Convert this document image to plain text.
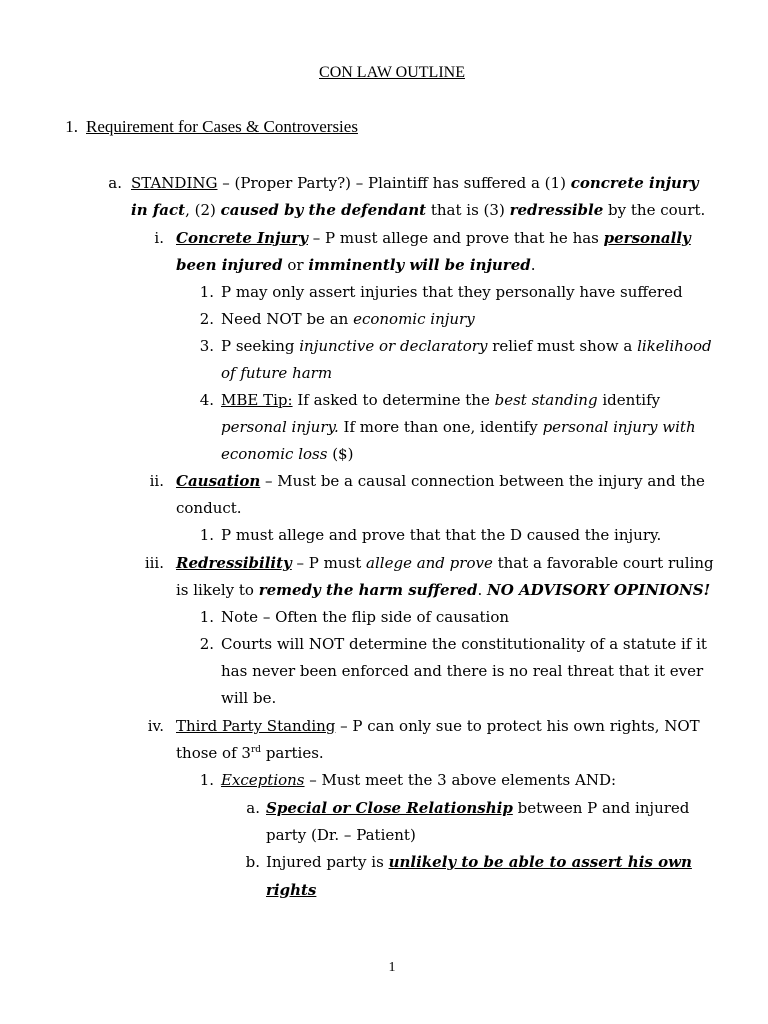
CON LAW OUTLINE
1. Requirement for Cases & Controversies
a. STANDING – (Proper Party?) – Plaintiff has suffered a (1) concrete injury
in fact, (2) caused by the defendant that is (3) redressible by the court.
i. Concrete Injury – P must allege and prove that he has personally
been injured or imminently will be injured.
1. P may only assert injuries that they personally have suffered
2. Need NOT be an economic injury
3. P seeking injunctive or declaratory relief must show a likelihood
of future harm
4. MBE Tip: If asked to determine the best standing identify
personal injury. If more than one, identify personal injury with
economic loss ($)
ii. Causation – Must be a causal connection between the injury and the
conduct.
1. P must allege and prove that that the D caused the injury.
iii. Redressibility – P must allege and prove that a favorable court ruling
is likely to remedy the harm suffered. NO ADVISORY OPINIONS!
1. Note – Often the flip side of causation
2. Courts will NOT determine the constitutionality of a statute if it
has never been enforced and there is no real threat that it ever
will be.
iv. Third Party Standing – P can only sue to protect his own rights, NOT
those of 3rd parties.
1. Exceptions – Must meet the 3 above elements AND:
a. Special or Close Relationship between P and injured
party (Dr. – Patient)
b. Injured party is unlikely to be able to assert his own
rights
1
